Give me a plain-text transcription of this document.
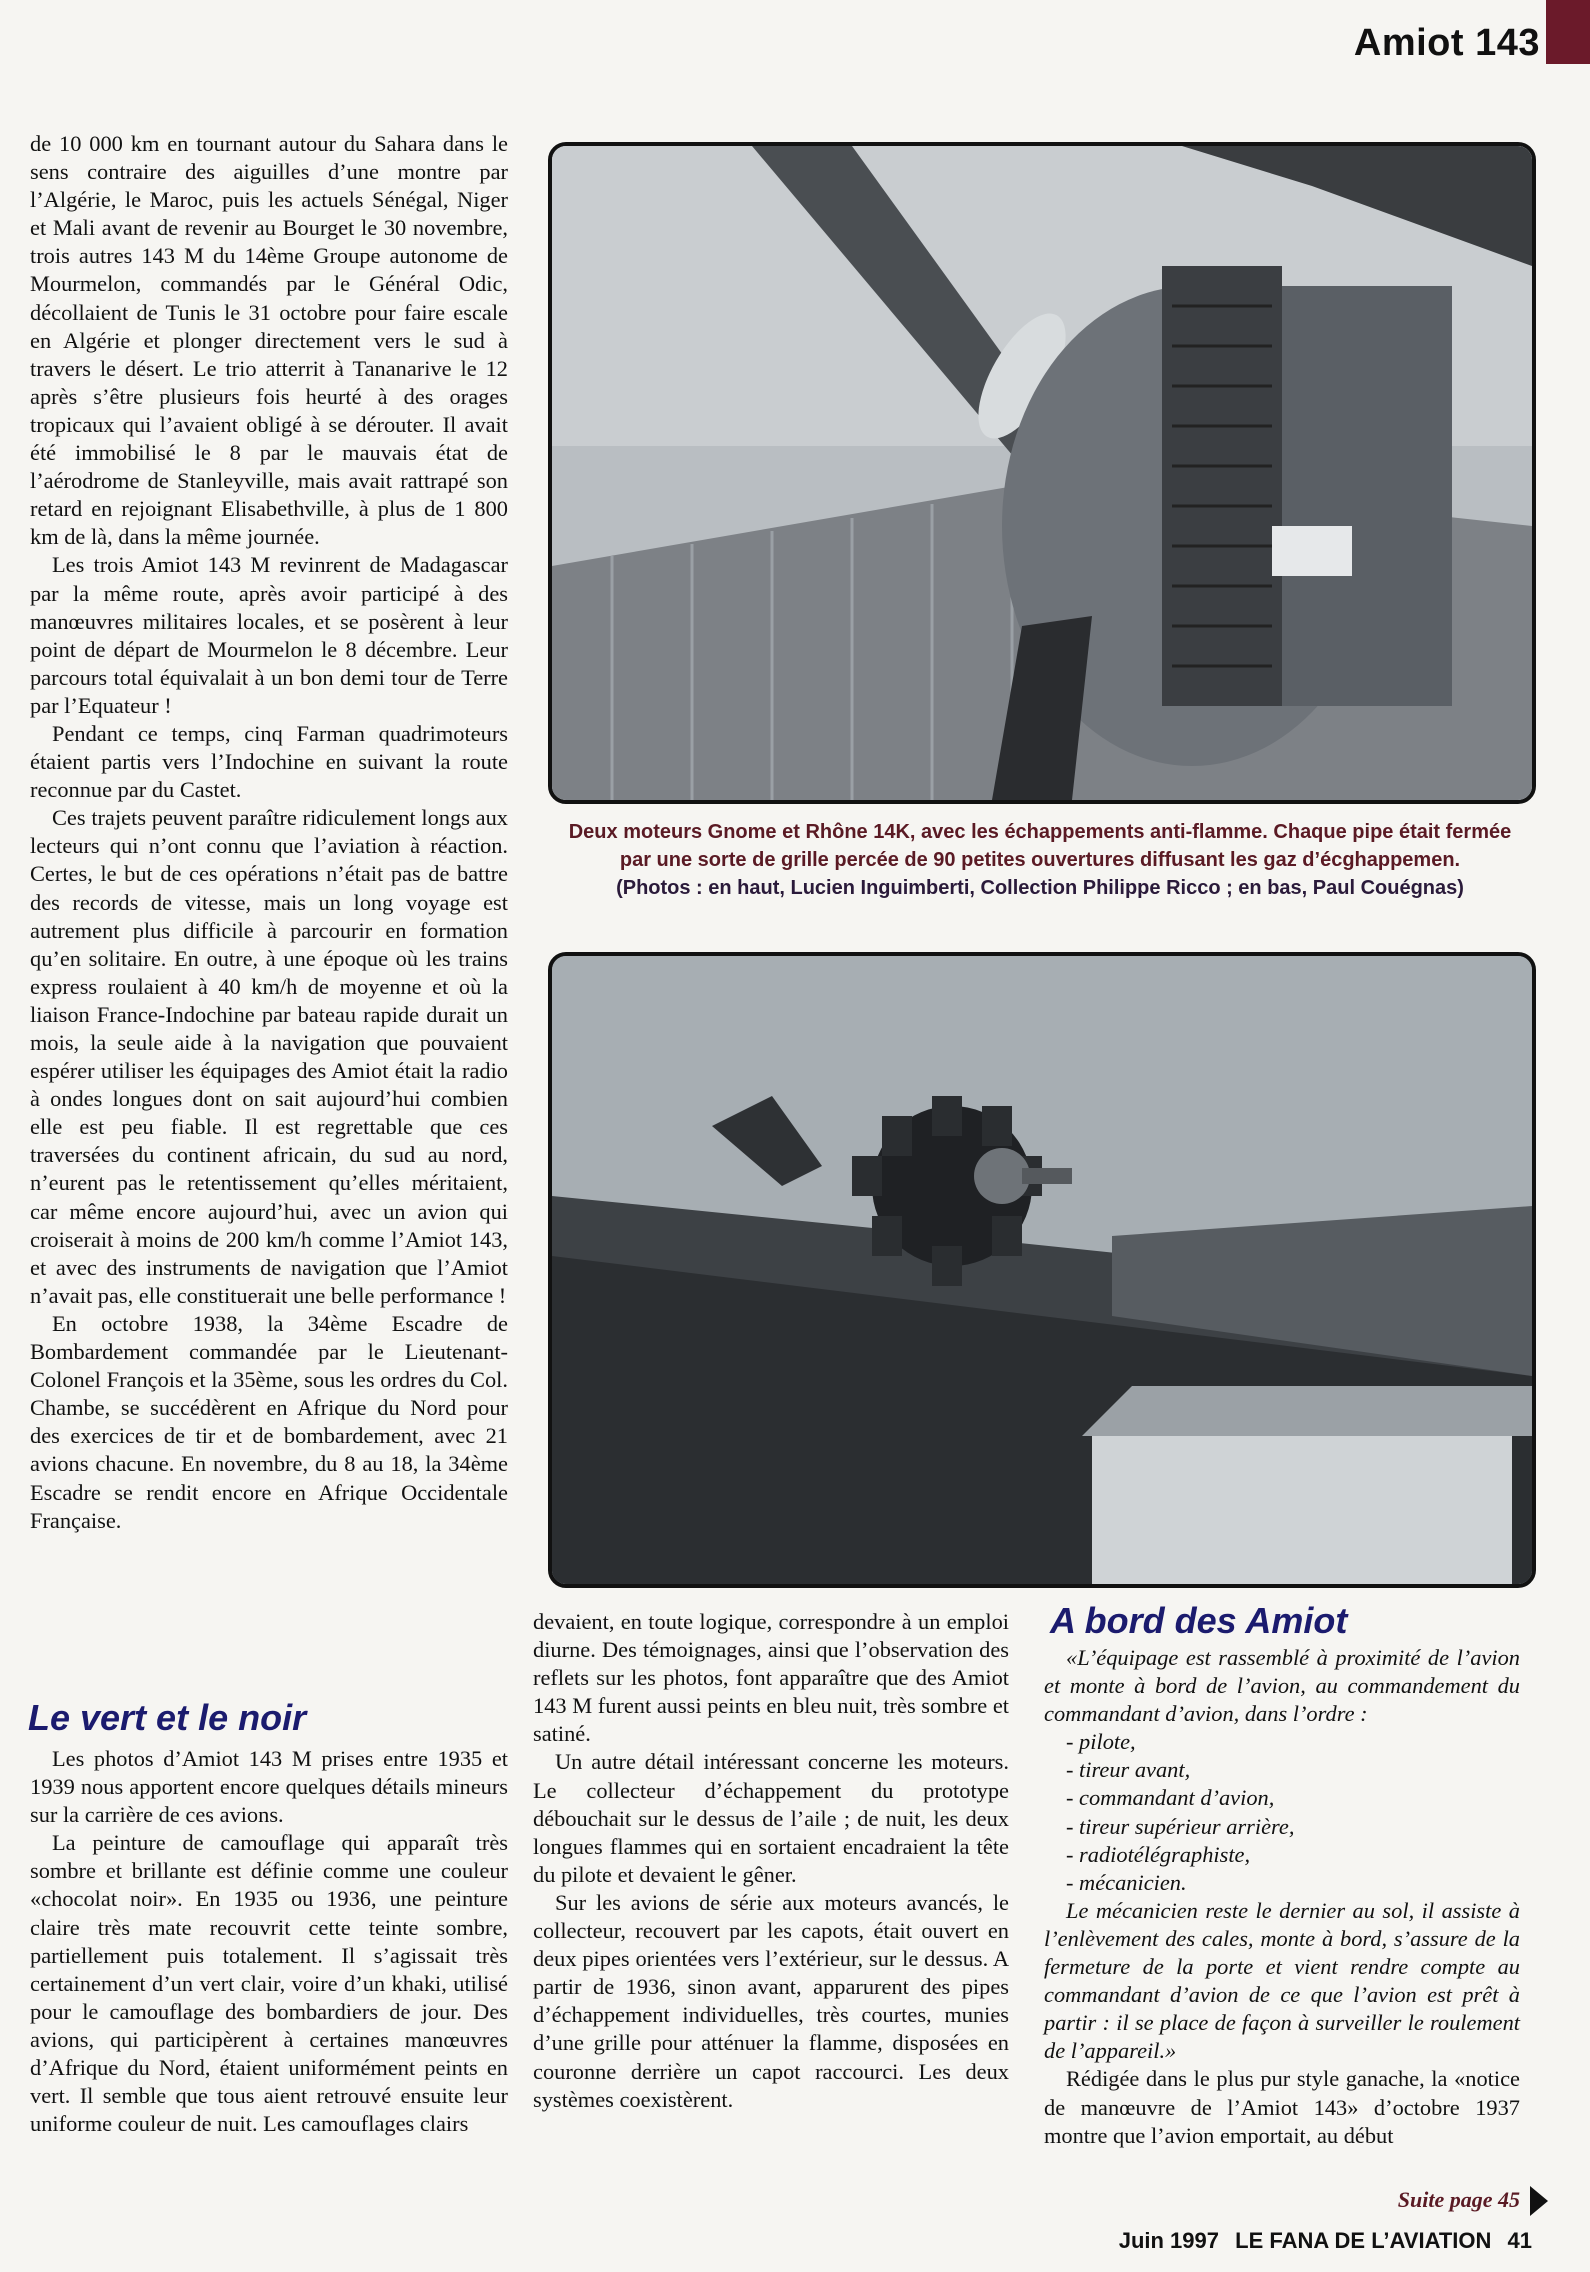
Amiot 143

de 10 000 km en tournant autour du Sahara dans le sens contraire des aiguilles d’une montre par l’Algérie, le Maroc, puis les actuels Sénégal, Niger et Mali avant de revenir au Bourget le 30 novembre, trois autres 143 M du 14ème Groupe autonome de Mourmelon, commandés par le Général Odic, décollaient de Tunis le 31 octobre pour faire escale en Algérie et plonger directement vers le sud à travers le désert. Le trio atterrit à Tananarive le 12 après s’être plusieurs fois heurté à des orages tropicaux qui l’avaient obligé à se dérouter. Il avait été immobilisé le 8 par le mauvais état de l’aérodrome de Stanleyville, mais avait rattrapé son retard en rejoignant Elisabethville, à plus de 1 800 km de là, dans la même journée.

Les trois Amiot 143 M revinrent de Madagascar par la même route, après avoir participé à des manœuvres militaires locales, et se posèrent à leur point de départ de Mourmelon le 8 décembre. Leur parcours total équivalait à un bon demi tour de Terre par l’Equateur !

Pendant ce temps, cinq Farman quadrimoteurs étaient partis vers l’Indochine en suivant la route reconnue par du Castet.

Ces trajets peuvent paraître ridiculement longs aux lecteurs qui n’ont connu que l’aviation à réaction. Certes, le but de ces opérations n’était pas de battre des records de vitesse, mais un long voyage est autrement plus difficile à parcourir en formation qu’en solitaire. En outre, à une époque où les trains express roulaient à 40 km/h de moyenne et où la liaison France-Indochine par bateau rapide durait un mois, la seule aide à la navigation que pouvaient espérer utiliser les équipages des Amiot était la radio à ondes longues dont on sait aujourd’hui combien elle est peu fiable. Il est regrettable que ces traversées du continent africain, du sud au nord, n’eurent pas le retentissement qu’elles méritaient, car même encore aujourd’hui, avec un avion qui croiserait à moins de 200 km/h comme l’Amiot 143, et avec des instruments de navigation que l’Amiot n’avait pas, elle constituerait une belle performance !

En octobre 1938, la 34ème Escadre de Bombardement commandée par le Lieutenant-Colonel François et la 35ème, sous les ordres du Col. Chambe, se succédèrent en Afrique du Nord pour des exercices de tir et de bombardement, avec 21 avions chacune. En novembre, du 8 au 18, la 34ème Escadre se rendit encore en Afrique Occidentale Française.

Le vert et le noir

Les photos d’Amiot 143 M prises entre 1935 et 1939 nous apportent encore quelques détails mineurs sur la carrière de ces avions.

La peinture de camouflage qui apparaît très sombre et brillante est définie comme une couleur «chocolat noir». En 1935 ou 1936, une peinture claire très mate recouvrit cette teinte sombre, partiellement puis totalement. Il s’agissait très certainement d’un vert clair, voire d’un khaki, utilisé pour le camouflage des bombardiers de jour. Des avions, qui participèrent à certaines manœuvres d’Afrique du Nord, étaient uniformément peints en vert. Il semble que tous aient retrouvé ensuite leur uniforme couleur de nuit. Les camouflages clairs

Deux moteurs Gnome et Rhône 14K, avec les échappements anti-flamme. Chaque pipe était fermée par une sorte de grille percée de 90 petites ouvertures diffusant les gaz d’écghappemen.
(Photos : en haut, Lucien Inguimberti, Collection Philippe Ricco ; en bas, Paul Couégnas)

devaient, en toute logique, correspondre à un emploi diurne. Des témoignages, ainsi que l’observation des reflets sur les photos, font apparaître que des Amiot 143 M furent aussi peints en bleu nuit, très sombre et satiné.

Un autre détail intéressant concerne les moteurs. Le collecteur d’échappement du prototype débouchait sur le dessus de l’aile ; de nuit, les deux longues flammes qui en sortaient encadraient la tête du pilote et devaient le gêner.

Sur les avions de série aux moteurs avancés, le collecteur, recouvert par les capots, était ouvert en deux pipes orientées vers l’extérieur, sur le dessus. A partir de 1936, sinon avant, apparurent des pipes d’échappement individuelles, très courtes, munies d’une grille pour atténuer la flamme, disposées en couronne derrière un capot raccourci. Les deux systèmes coexistèrent.

A bord des Amiot

«L’équipage est rassemblé à proximité de l’avion et monte à bord de l’avion, au commandement du commandant d’avion, dans l’ordre :

- pilote,

- tireur avant,

- commandant d’avion,

- tireur supérieur arrière,

- radiotélégraphiste,

- mécanicien.

Le mécanicien reste le dernier au sol, il assiste à l’enlèvement des cales, monte à bord, s’assure de la fermeture de la porte et vient rendre compte au commandant d’avion de ce que l’avion est prêt à partir : il se place de façon à surveiller le roulement de l’appareil.»

Rédigée dans le plus pur style ganache, la «notice de manœuvre de l’Amiot 143» d’octobre 1937 montre que l’avion emportait, au début

Suite page 45
Juin 1997 LE FANA DE L’AVIATION 41
